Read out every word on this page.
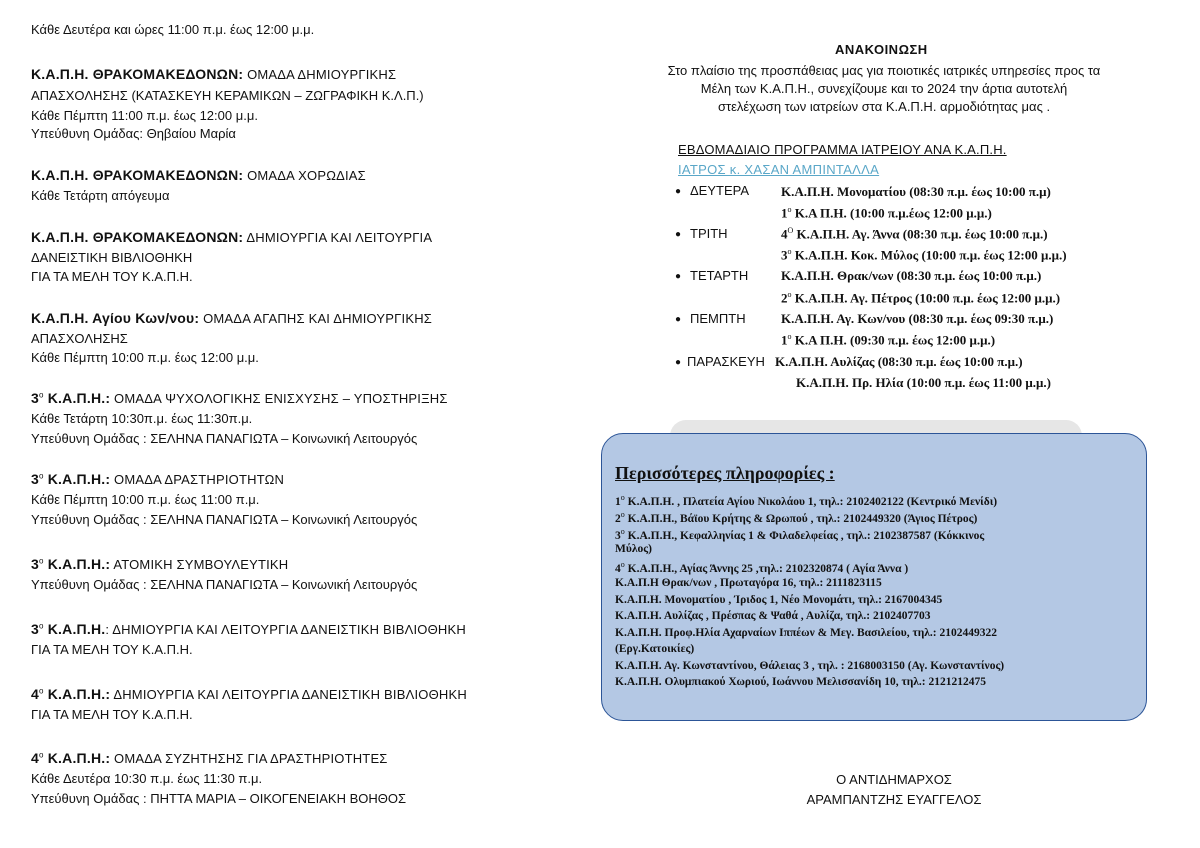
Κάθε Δευτέρα και ώρες 11:00 π.μ. έως 12:00 μ.μ.
Κ.Α.Π.Η. ΘΡΑΚΟΜΑΚΕΔΟΝΩΝ: ΟΜΑΔΑ ΔΗΜΙΟΥΡΓΙΚΗΣ
ΑΠΑΣΧΟΛΗΣΗΣ (ΚΑΤΑΣΚΕΥΗ ΚΕΡΑΜΙΚΩΝ – ΖΩΓΡΑΦΙΚΗ Κ.Λ.Π.)
Κάθε Πέμπτη 11:00 π.μ. έως 12:00 μ.μ.
Υπεύθυνη Ομάδας: Θηβαίου Μαρία
Κ.Α.Π.Η. ΘΡΑΚΟΜΑΚΕΔΟΝΩΝ: ΟΜΑΔΑ ΧΟΡΩΔΙΑΣ
Κάθε Τετάρτη απόγευμα
Κ.Α.Π.Η. ΘΡΑΚΟΜΑΚΕΔΟΝΩΝ: ΔΗΜΙΟΥΡΓΙΑ ΚΑΙ ΛΕΙΤΟΥΡΓΙΑ
ΔΑΝΕΙΣΤΙΚΗ ΒΙΒΛΙΟΘΗΚΗ
ΓΙΑ ΤΑ ΜΕΛΗ ΤΟΥ Κ.Α.Π.Η.
Κ.Α.Π.Η. Αγίου Κων/νου: ΟΜΑΔΑ ΑΓΑΠΗΣ ΚΑΙ ΔΗΜΙΟΥΡΓΙΚΗΣ
ΑΠΑΣΧΟΛΗΣΗΣ
Κάθε Πέμπτη 10:00 π.μ. έως 12:00 μ.μ.
$3^o$ Κ.Α.Π.Η.: ΟΜΑΔΑ ΨΥΧΟΛΟΓΙΚΗΣ ΕΝΙΣΧΥΣΗΣ – ΥΠΟΣΤΗΡΙΞΗΣ
Κάθε Τετάρτη 10:30π.μ. έως 11:30π.μ.
Υπεύθυνη Ομάδας : ΣΕΛΗΝΑ ΠΑΝΑΓΙΩΤΑ – Κοινωνική Λειτουργός
$3^o$ Κ.Α.Π.Η.: ΟΜΑΔΑ ΔΡΑΣΤΗΡΙΟΤΗΤΩΝ
Κάθε Πέμπτη 10:00 π.μ. έως 11:00 π.μ.
Υπεύθυνη Ομάδας : ΣΕΛΗΝΑ ΠΑΝΑΓΙΩΤΑ – Κοινωνική Λειτουργός
$3^o$ Κ.Α.Π.Η.: ΑΤΟΜΙΚΗ ΣΥΜΒΟΥΛΕΥΤΙΚΗ
Υπεύθυνη Ομάδας : ΣΕΛΗΝΑ ΠΑΝΑΓΙΩΤΑ – Κοινωνική Λειτουργός
$3^o$ Κ.Α.Π.Η.: ΔΗΜΙΟΥΡΓΙΑ ΚΑΙ ΛΕΙΤΟΥΡΓΙΑ ΔΑΝΕΙΣΤΙΚΗ ΒΙΒΛΙΟΘΗΚΗ
ΓΙΑ ΤΑ ΜΕΛΗ ΤΟΥ Κ.Α.Π.Η.
$4^o$ Κ.Α.Π.Η.: ΔΗΜΙΟΥΡΓΙΑ ΚΑΙ ΛΕΙΤΟΥΡΓΙΑ ΔΑΝΕΙΣΤΙΚΗ ΒΙΒΛΙΟΘΗΚΗ
ΓΙΑ ΤΑ ΜΕΛΗ ΤΟΥ Κ.Α.Π.Η.
$4^o$ Κ.Α.Π.Η.: ΟΜΑΔΑ ΣΥΖΗΤΗΣΗΣ ΓΙΑ ΔΡΑΣΤΗΡΙΟΤΗΤΕΣ
Κάθε Δευτέρα 10:30 π.μ. έως 11:30 π.μ.
Υπεύθυνη Ομάδας : ΠΗΤΤΑ ΜΑΡΙΑ – ΟΙΚΟΓΕΝΕΙΑΚΗ ΒΟΗΘΟΣ
ΑΝΑΚΟΙΝΩΣΗ
Στο πλαίσιο της προσπάθειας μας για ποιοτικές ιατρικές υπηρεσίες προς τα
Μέλη των Κ.Α.Π.Η., συνεχίζουμε και το 2024 την άρτια αυτοτελή
στελέχωση των ιατρείων στα Κ.Α.Π.Η. αρμοδιότητας μας .
ΕΒΔΟΜΑΔΙΑΙΟ ΠΡΟΓΡΑΜΜΑ ΙΑΤΡΕΙΟΥ ΑΝΑ Κ.Α.Π.Η.
ΙΑΤΡΟΣ κ. ΧΑΣΑΝ ΑΜΠΙΝΤΑΛΛΑ
● ΔΕΥΤΕΡΑ Κ.Α.Π.Η. Μονοματίου (08:30 π.μ. έως 10:00 π.μ)
$1^o$ Κ.Α Π.Η. (10:00 π.μ.έως 12:00 μ.μ.)
● ΤΡΙΤΗ	$4^O$ Κ.Α.Π.Η. Αγ. Άννα (08:30 π.μ. έως 10:00 π.μ.)
$3^o$ Κ.Α.Π.Η. Κοκ. Μύλος (10:00 π.μ. έως 12:00 μ.μ.)
● ΤΕΤΑΡΤΗ	Κ.Α.Π.Η. Θρακ/νων (08:30 π.μ. έως 10:00 π.μ.)
$2^o$ Κ.Α.Π.Η. Αγ. Πέτρος (10:00 π.μ. έως 12:00 μ.μ.)
● ΠΕΜΠΤΗ	Κ.Α.Π.Η. Αγ. Κων/νου (08:30 π.μ. έως 09:30 π.μ.)
$1^o$ Κ.Α Π.Η. (09:30 π.μ. έως 12:00 μ.μ.)
● ΠΑΡΑΣΚΕΥΗ Κ.Α.Π.Η. Αυλίζας (08:30 π.μ. έως 10:00 π.μ.)
Κ.Α.Π.Η. Πρ. Ηλία (10:00 π.μ. έως 11:00 μ.μ.)
Περισσότερες πληροφορίες :
$1^o$ Κ.Α.Π.Η. , Πλατεία Αγίου Νικολάου 1, τηλ.: 2102402122 (Κεντρικό Μενίδι)
$2^o$ Κ.Α.Π.Η., Βάϊου Κρήτης & Ωρωπού , τηλ.: 2102449320 (Άγιος Πέτρος)
$3^o$ Κ.Α.Π.Η., Κεφαλληνίας 1 & Φιλαδελφείας , τηλ.: 2102387587 (Κόκκινος
Μύλος)
$4^o$ Κ.Α.Π.Η., Αγίας Άννης 25 ,τηλ.: 2102320874 ( Αγία Άννα )
Κ.Α.Π.Η Θρακ/νων , Πρωταγόρα 16, τηλ.: 2111823115
Κ.Α.Π.Η. Μονοματίου , Ίριδος 1, Νέο Μονομάτι, τηλ.: 2167004345
Κ.Α.Π.Η. Αυλίζας , Πρέσπας & Ψαθά , Αυλίζα, τηλ.: 2102407703
Κ.Α.Π.Η. Προφ.Ηλία Αχαρναίων Ιππέων & Μεγ. Βασιλείου, τηλ.: 2102449322
(Εργ.Κατοικίες)
Κ.Α.Π.Η. Αγ. Κωνσταντίνου, Θάλειας 3 , τηλ. : 2168003150 (Αγ. Κωνσταντίνος)
Κ.Α.Π.Η. Ολυμπιακού Χωριού, Ιωάννου Μελισσανίδη 10, τηλ.: 2121212475
Ο ΑΝΤΙΔΗΜΑΡΧΟΣ
ΑΡΑΜΠΑΝΤΖΗΣ ΕΥΑΓΓΕΛΟΣ
